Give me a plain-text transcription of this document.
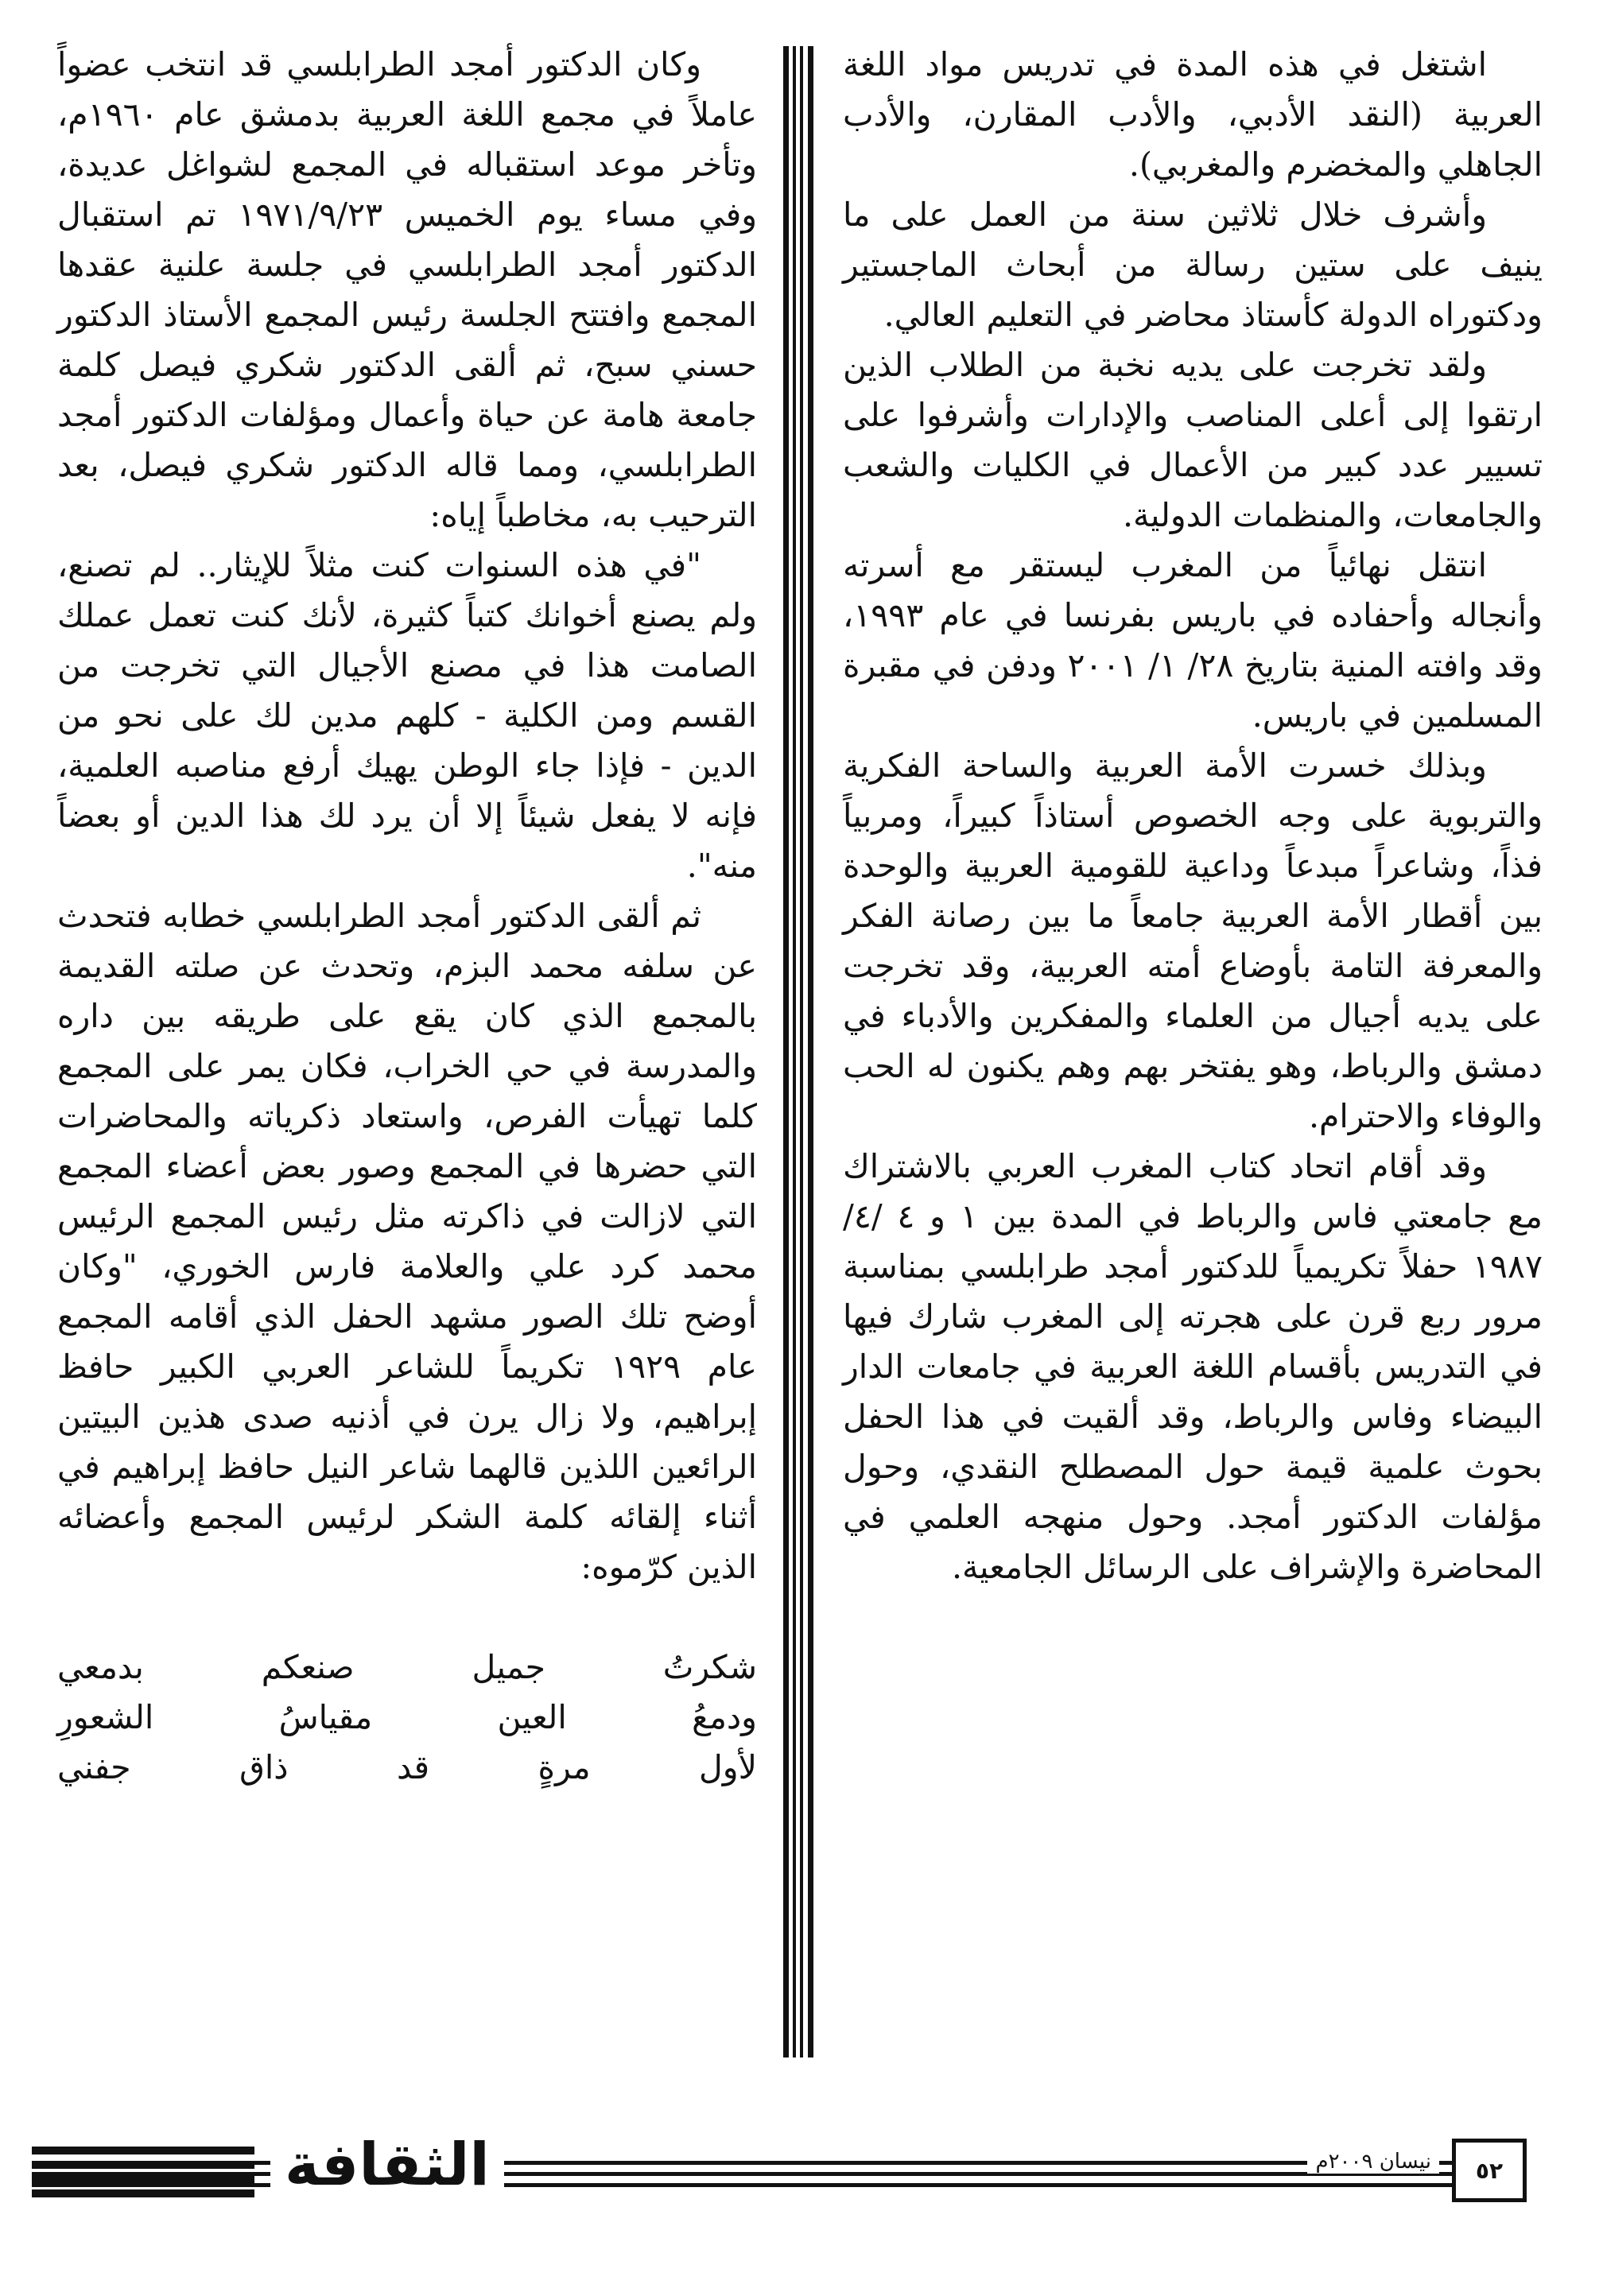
اشتغل في هذه المدة في تدريس مواد اللغة العربية (النقد الأدبي، والأدب المقارن، والأدب الجاهلي والمخضرم والمغربي).

وأشرف خلال ثلاثين سنة من العمل على ما ينيف على ستين رسالة من أبحاث الماجستير ودكتوراه الدولة كأستاذ محاضر في التعليم العالي.

ولقد تخرجت على يديه نخبة من الطلاب الذين ارتقوا إلى أعلى المناصب والإدارات وأشرفوا على تسيير عدد كبير من الأعمال في الكليات والشعب والجامعات، والمنظمات الدولية.

انتقل نهائياً من المغرب ليستقر مع أسرته وأنجاله وأحفاده في باريس بفرنسا في عام ١٩٩٣، وقد وافته المنية بتاريخ ٢٨/ ١/ ٢٠٠١ ودفن في مقبرة المسلمين في باريس.

وبذلك خسرت الأمة العربية والساحة الفكرية والتربوية على وجه الخصوص أستاذاً كبيراً، ومربياً فذاً، وشاعراً مبدعاً وداعية للقومية العربية والوحدة بين أقطار الأمة العربية جامعاً ما بين رصانة الفكر والمعرفة التامة بأوضاع أمته العربية، وقد تخرجت على يديه أجيال من العلماء والمفكرين والأدباء في دمشق والرباط، وهو يفتخر بهم وهم يكنون له الحب والوفاء والاحترام.

وقد أقام اتحاد كتاب المغرب العربي بالاشتراك مع جامعتي فاس والرباط في المدة بين ١ و ٤ /٤/ ١٩٨٧ حفلاً تكريمياً للدكتور أمجد طرابلسي بمناسبة مرور ربع قرن على هجرته إلى المغرب شارك فيها في التدريس بأقسام اللغة العربية في جامعات الدار البيضاء وفاس والرباط، وقد ألقيت في هذا الحفل بحوث علمية قيمة حول المصطلح النقدي، وحول مؤلفات الدكتور أمجد. وحول منهجه العلمي في المحاضرة والإشراف على الرسائل الجامعية.

وكان الدكتور أمجد الطرابلسي قد انتخب عضواً عاملاً في مجمع اللغة العربية بدمشق عام ١٩٦٠م، وتأخر موعد استقباله في المجمع لشواغل عديدة، وفي مساء يوم الخميس ١٩٧١/٩/٢٣ تم استقبال الدكتور أمجد الطرابلسي في جلسة علنية عقدها المجمع وافتتح الجلسة رئيس المجمع الأستاذ الدكتور حسني سبح، ثم ألقى الدكتور شكري فيصل كلمة جامعة هامة عن حياة وأعمال ومؤلفات الدكتور أمجد الطرابلسي، ومما قاله الدكتور شكري فيصل، بعد الترحيب به، مخاطباً إياه:

"في هذه السنوات كنت مثلاً للإيثار.. لم تصنع، ولم يصنع أخوانك كتباً كثيرة، لأنك كنت تعمل عملك الصامت هذا في مصنع الأجيال التي تخرجت من القسم ومن الكلية - كلهم مدين لك على نحو من الدين - فإذا جاء الوطن يهيك أرفع مناصبه العلمية، فإنه لا يفعل شيئاً إلا أن يرد لك هذا الدين أو بعضاً منه".

ثم ألقى الدكتور أمجد الطرابلسي خطابه فتحدث عن سلفه محمد البزم، وتحدث عن صلته القديمة بالمجمع الذي كان يقع على طريقه بين داره والمدرسة في حي الخراب، فكان يمر على المجمع كلما تهيأت الفرص، واستعاد ذكرياته والمحاضرات التي حضرها في المجمع وصور بعض أعضاء المجمع التي لازالت في ذاكرته مثل رئيس المجمع الرئيس محمد كرد علي والعلامة فارس الخوري، "وكان أوضح تلك الصور مشهد الحفل الذي أقامه المجمع عام ١٩٢٩ تكريماً للشاعر العربي الكبير حافظ إبراهيم، ولا زال يرن في أذنيه صدى هذين البيتين الرائعين اللذين قالهما شاعر النيل حافظ إبراهيم في أثناء إلقائه كلمة الشكر لرئيس المجمع وأعضائه الذين كرّموه:

شكرتُ جميل صنعكم بدمعي
ودمعُ العين مقياسُ الشعورِ
لأول مرةٍ قد ذاق جفني
الثقافة	نيسان ٢٠٠٩م	٥٢
